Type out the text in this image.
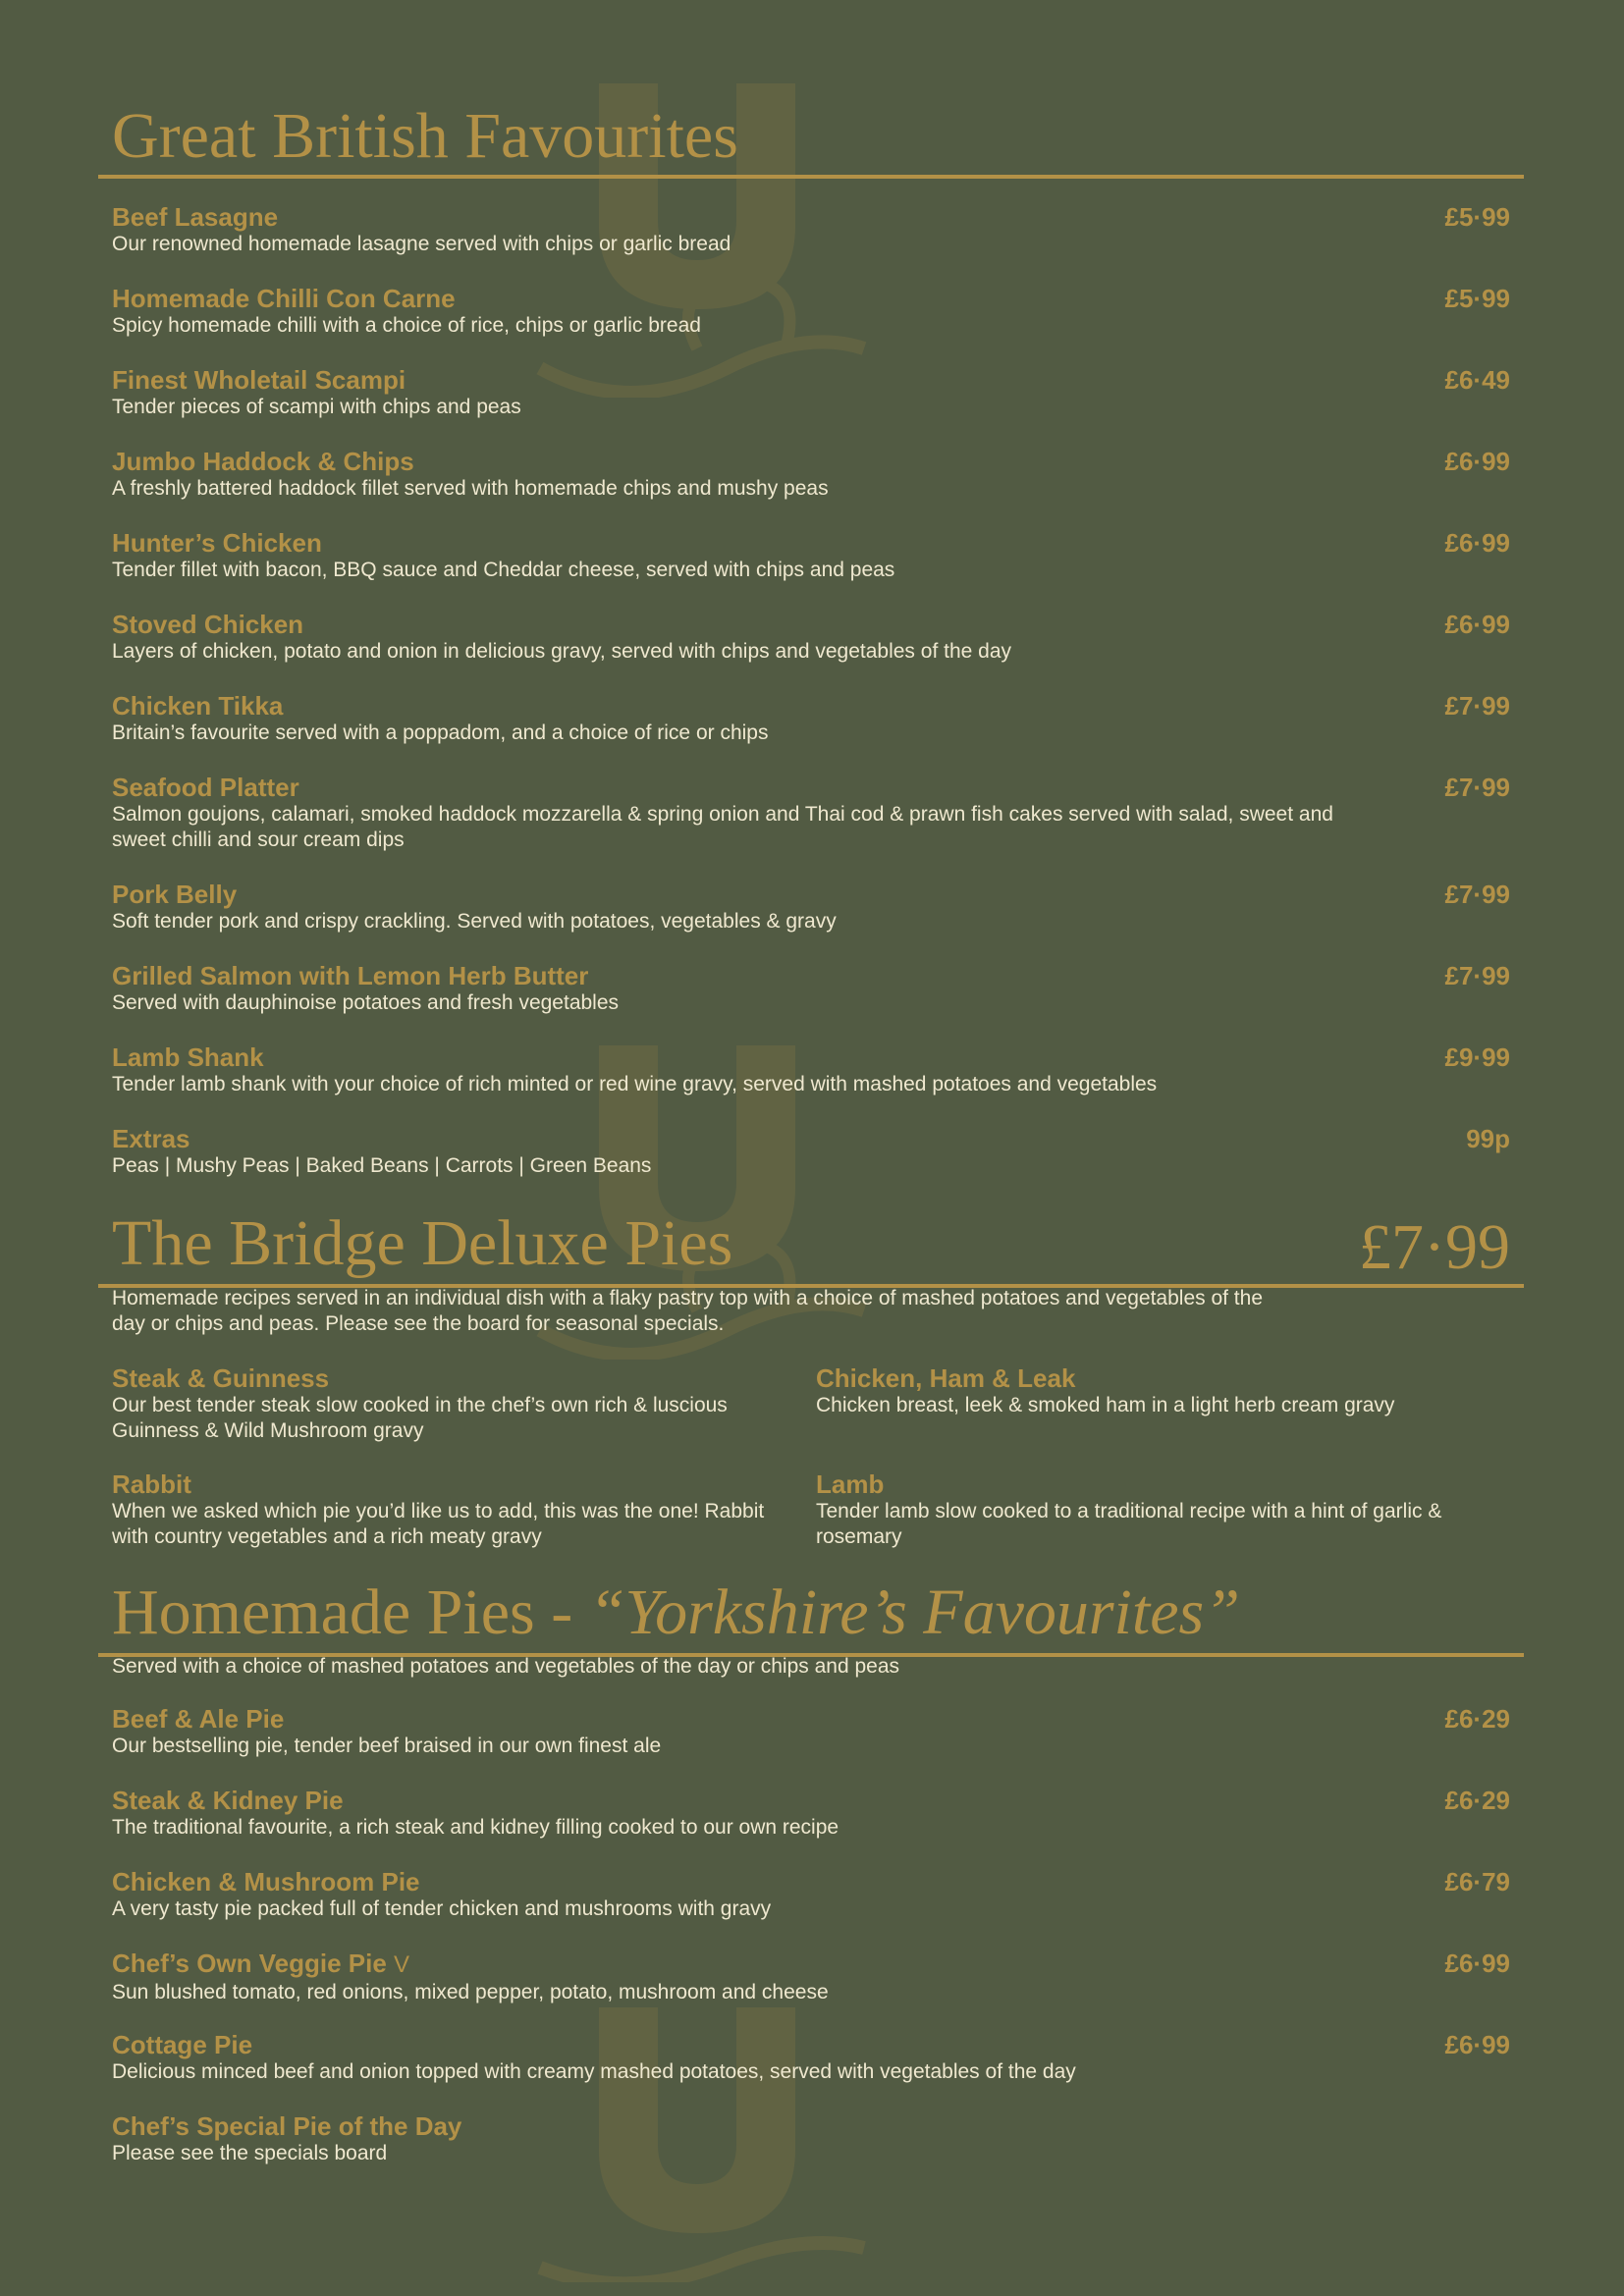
Great British Favourites
Beef Lasagne	£5·99
Our renowned homemade lasagne served with chips or garlic bread
Homemade Chilli Con Carne	£5·99
Spicy homemade chilli with a choice of rice, chips or garlic bread
Finest Wholetail Scampi	£6·49
Tender pieces of scampi with chips and peas
Jumbo Haddock & Chips	£6·99
A freshly battered haddock fillet served with homemade chips and mushy peas
Hunter’s Chicken	£6·99
Tender fillet with bacon, BBQ sauce and Cheddar cheese, served with chips and peas
Stoved Chicken	£6·99
Layers of chicken, potato and onion in delicious gravy, served with chips and vegetables of the day
Chicken Tikka	£7·99
Britain’s favourite served with a poppadom, and a choice of rice or chips
Seafood Platter	£7·99
Salmon goujons, calamari, smoked haddock mozzarella & spring onion and Thai cod & prawn fish cakes served with salad, sweet and sweet chilli and sour cream dips
Pork Belly	£7·99
Soft tender pork and crispy crackling. Served with potatoes, vegetables & gravy
Grilled Salmon with Lemon Herb Butter	£7·99
Served with dauphinoise potatoes and fresh vegetables
Lamb Shank	£9·99
Tender lamb shank with your choice of rich minted or red wine gravy, served with mashed potatoes and vegetables
Extras	99p
Peas | Mushy Peas | Baked Beans | Carrots | Green Beans
The Bridge Deluxe Pies	£7·99
Homemade recipes served in an individual dish with a flaky pastry top with a choice of mashed potatoes and vegetables of the day or chips and peas. Please see the board for seasonal specials.
Steak & Guinness
Our best tender steak slow cooked in the chef’s own rich & luscious Guinness & Wild Mushroom gravy
Chicken, Ham & Leak
Chicken breast, leek & smoked ham in a light herb cream gravy
Rabbit
When we asked which pie you’d like us to add, this was the one! Rabbit with country vegetables and a rich meaty gravy
Lamb
Tender lamb slow cooked to a traditional recipe with a hint of garlic & rosemary
Homemade Pies - “Yorkshire’s Favourites”
Served with a choice of mashed potatoes and vegetables of the day or chips and peas
Beef & Ale Pie	£6·29
Our bestselling pie, tender beef braised in our own finest ale
Steak & Kidney Pie	£6·29
The traditional favourite, a rich steak and kidney filling cooked to our own recipe
Chicken & Mushroom Pie	£6·79
A very tasty pie packed full of tender chicken and mushrooms with gravy
Chef’s Own Veggie Pie V	£6·99
Sun blushed tomato, red onions, mixed pepper, potato, mushroom and cheese
Cottage Pie	£6·99
Delicious minced beef and onion topped with creamy mashed potatoes, served with vegetables of the day
Chef’s Special Pie of the Day
Please see the specials board
